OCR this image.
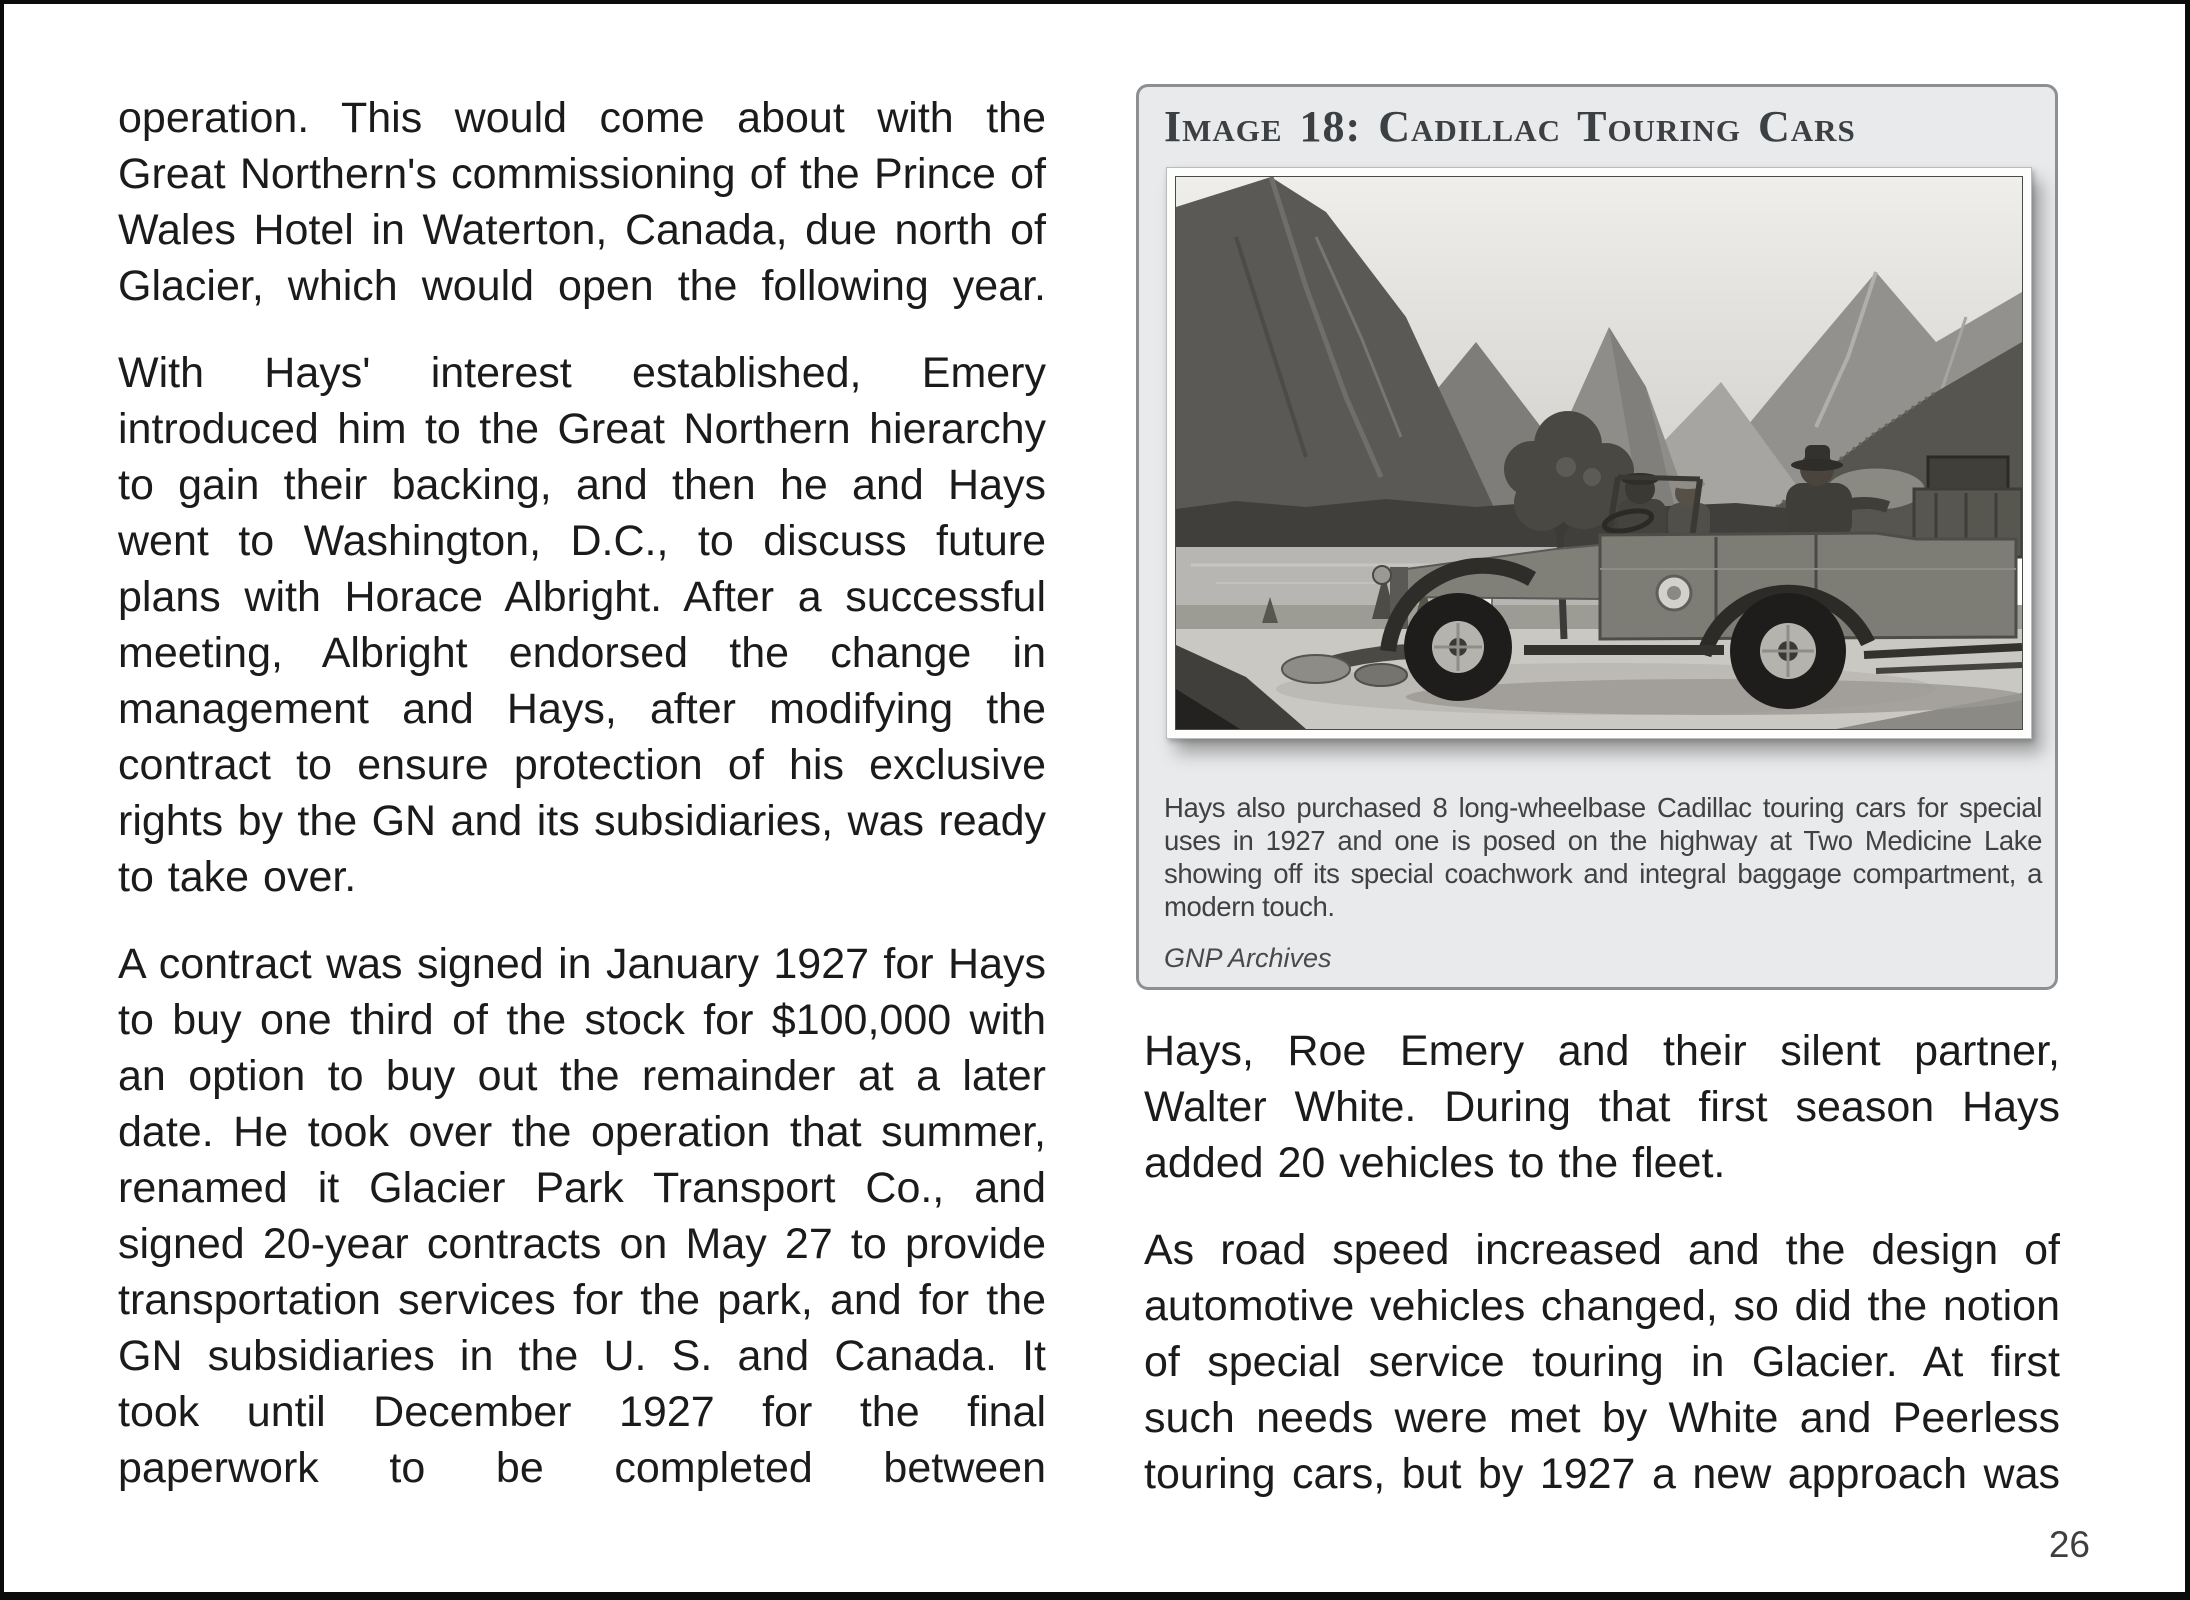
operation. This would come about with the Great Northern's commissioning of the Prince of Wales Hotel in Waterton, Canada, due north of Glacier, which would open the following year.

With Hays' interest established, Emery introduced him to the Great Northern hierarchy to gain their backing, and then he and Hays went to Washington, D.C., to discuss future plans with Horace Albright. After a successful meeting, Albright endorsed the change in management and Hays, after modifying the contract to ensure protection of his exclusive rights by the GN and its subsidiaries, was ready to take over.

A contract was signed in January 1927 for Hays to buy one third of the stock for $100,000 with an option to buy out the remainder at a later date. He took over the operation that summer, renamed it Glacier Park Transport Co., and signed 20-year contracts on May 27 to provide transportation services for the park, and for the GN subsidiaries in the U. S. and Canada. It took until December 1927 for the final paperwork to be completed between

Image 18: Cadillac Touring Cars

Hays also purchased 8 long-wheelbase Cadillac touring cars for special uses in 1927 and one is posed on the highway at Two Medicine Lake showing off its special coachwork and integral baggage compartment, a modern touch.

GNP Archives

Hays, Roe Emery and their silent partner, Walter White. During that first season Hays added 20 vehicles to the fleet.

As road speed increased and the design of automotive vehicles changed, so did the notion of special service touring in Glacier. At first such needs were met by White and Peerless touring cars, but by 1927 a new approach was

26
